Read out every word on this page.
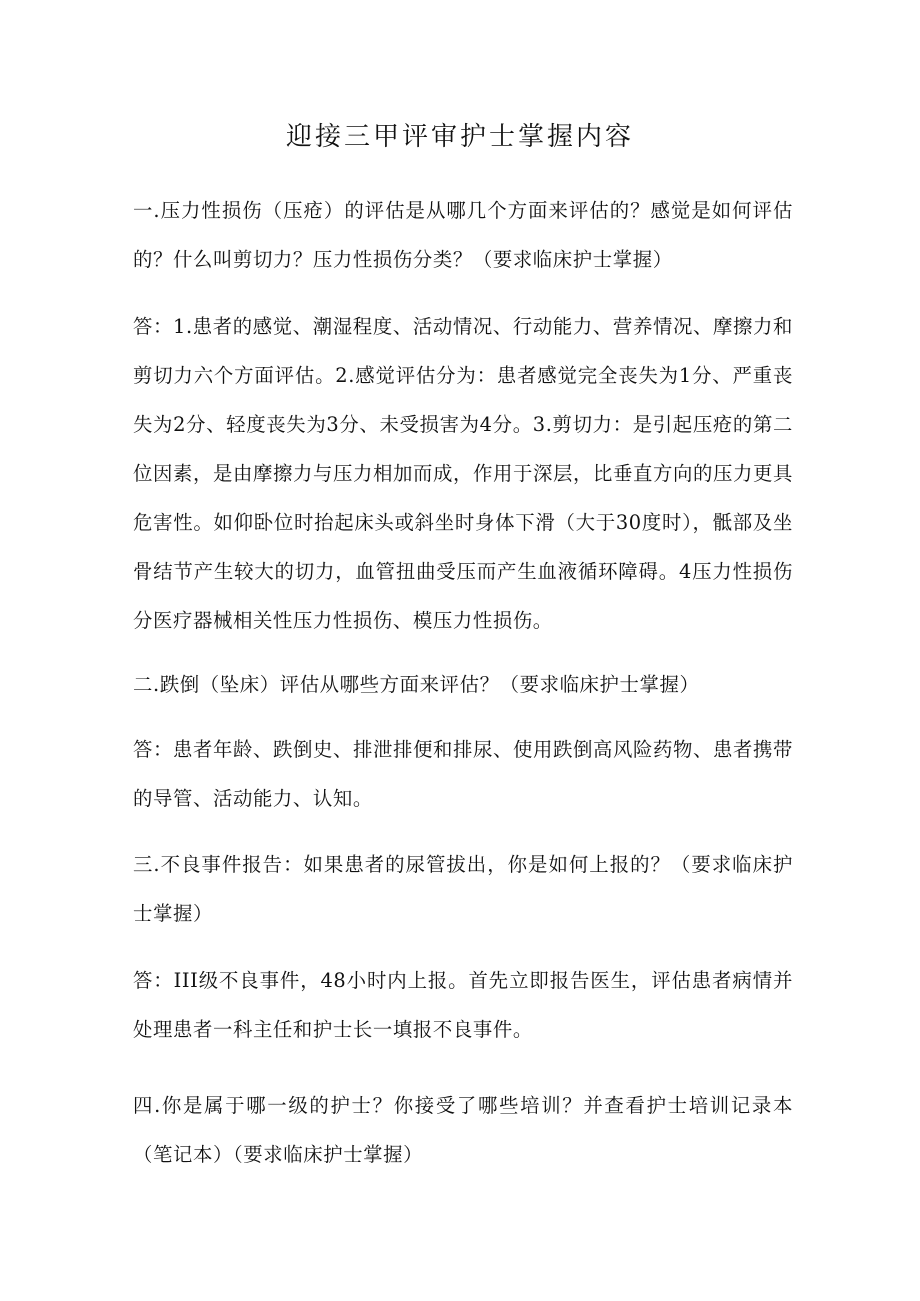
迎接三甲评审护士掌握内容

一.压力性损伤（压疮）的评估是从哪几个方面来评估的？感觉是如何评估的？什么叫剪切力？压力性损伤分类？（要求临床护士掌握）

答：1.患者的感觉、潮湿程度、活动情况、行动能力、营养情况、摩擦力和剪切力六个方面评估。2.感觉评估分为：患者感觉完全丧失为1分、严重丧失为2分、轻度丧失为3分、未受损害为4分。3.剪切力：是引起压疮的第二位因素，是由摩擦力与压力相加而成，作用于深层，比垂直方向的压力更具危害性。如仰卧位时抬起床头或斜坐时身体下滑（大于30度时），骶部及坐骨结节产生较大的切力，血管扭曲受压而产生血液循环障碍。4压力性损伤分医疗器械相关性压力性损伤、模压力性损伤。

二.跌倒（坠床）评估从哪些方面来评估？（要求临床护士掌握）

答：患者年龄、跌倒史、排泄排便和排尿、使用跌倒高风险药物、患者携带的导管、活动能力、认知。

三.不良事件报告：如果患者的尿管拔出，你是如何上报的？（要求临床护士掌握）

答：III级不良事件，48小时内上报。首先立即报告医生，评估患者病情并处理患者一科主任和护士长一填报不良事件。

四.你是属于哪一级的护士？你接受了哪些培训？并查看护士培训记录本（笔记本）（要求临床护士掌握）
